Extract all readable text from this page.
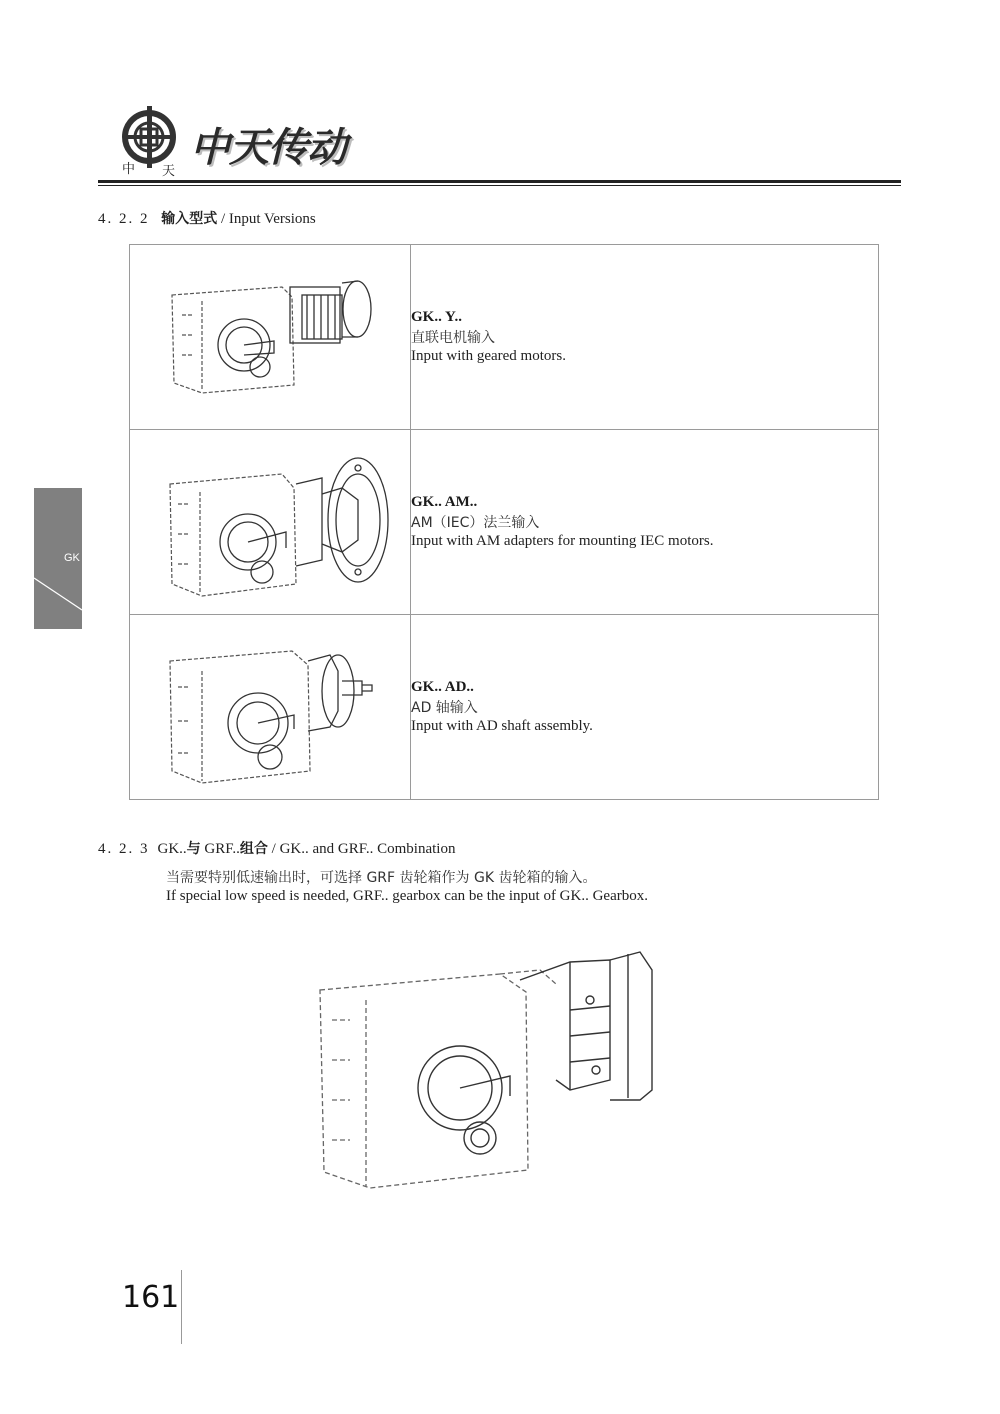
中 天
中天传动
4. 2. 2 输入型式 / Input Versions
GK

GK.. Y..
直联电机输入
Input with geared motors.

GK.. AM..
AM（IEC）法兰输入
Input with AM adapters for mounting IEC motors.

GK.. AD..
AD 轴输入
Input with AD shaft assembly.
4. 2. 3 GK..与 GRF..组合 / GK.. and GRF.. Combination
当需要特别低速输出时，可选择 GRF 齿轮箱作为 GK 齿轮箱的输入。
If special low speed is needed, GRF.. gearbox can be the input of GK.. Gearbox.
161
